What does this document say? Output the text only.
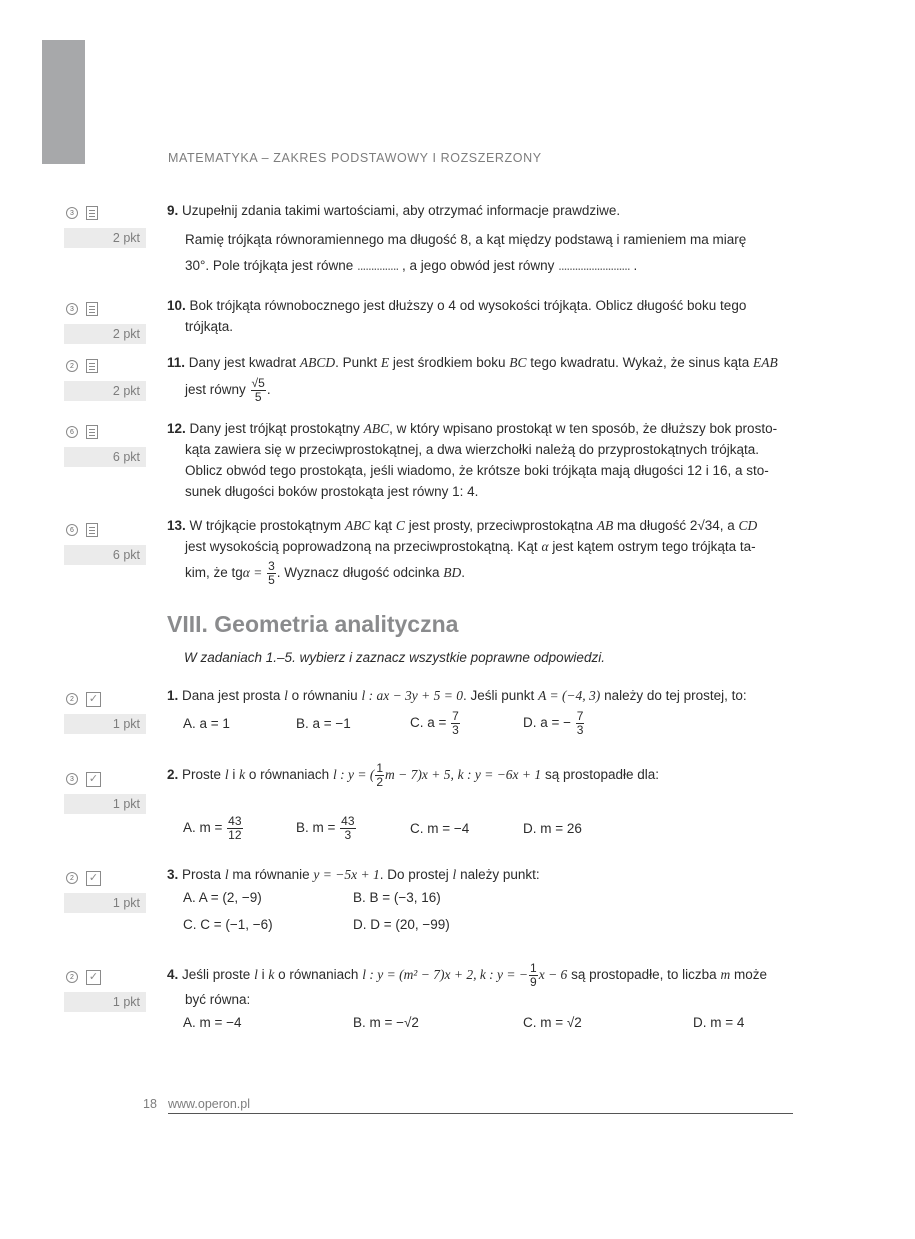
MATEMATYKA – ZAKRES PODSTAWOWY I ROZSZERZONY
3
2 pkt
9. Uzupełnij zdania takimi wartościami, aby otrzymać informacje prawdziwe.
Ramię trójkąta równoramiennego ma długość 8, a kąt między podstawą i ramieniem ma miarę
30°. Pole trójkąta jest równe ............... , a jego obwód jest równy .......................... .
3
2 pkt
10. Bok trójkąta równobocznego jest dłuższy o 4 od wysokości trójkąta. Oblicz długość boku tego
trójkąta.
2
2 pkt
11. Dany jest kwadrat ABCD. Punkt E jest środkiem boku BC tego kwadratu. Wykaż, że sinus kąta EAB
jest równy $\frac{√5}{5}$ .
6
6 pkt
12. Dany jest trójkąt prostokątny ABC, w który wpisano prostokąt w ten sposób, że dłuższy bok prosto-
kąta zawiera się w przeciwprostokątnej, a dwa wierzchołki należą do przyprostokątnych trójkąta.
Oblicz obwód tego prostokąta, jeśli wiadomo, że krótsze boki trójkąta mają długości 12 i 16, a sto-
sunek długości boków prostokąta jest równy 1: 4.
6
6 pkt
13. W trójkącie prostokątnym ABC kąt C jest prosty, przeciwprostokątna AB ma długość 2√34, a CD
jest wysokością poprowadzoną na przeciwprostokątną. Kąt α jest kątem ostrym tego trójkąta ta-
kim, że $tg\alpha = \frac{3}{5}$ . Wyznacz długość odcinka BD.
VIII. Geometria analityczna
W zadaniach 1.–5. wybierz i zaznacz wszystkie poprawne odpowiedzi.
2	✓
1 pkt
1. Dana jest prosta l o równaniu l : ax − 3y + 5 = 0. Jeśli punkt A = (−4, 3) należy do tej prostej, to:
A. a = 1	B. a = −1	C. $a = \frac{7}{3}$	D. a = − $\frac{7}{3}$
3	✓
1 pkt
2. Proste l i k o równaniach l : y = ( $\frac{1}{2}$ m − 7)x + 5, k : y = −6x + 1 są prostopadłe dla:
A. $m = \frac{43}{12}$	B. $m = \frac{43}{3}$	C. m = −4	D. m = 26
2	✓
1 pkt
3. Prosta l ma równanie y = −5x + 1. Do prostej l należy punkt:
A. A = (2, −9)	B. B = (−3, 16)
C. C = (−1, −6)	D. D = (20, −99)
2	✓
1 pkt
4. Jeśli proste l i k o równaniach l : y = (m² − 7)x + 2, k : y = − $\frac{1}{9}$ x − 6 są prostopadłe, to liczba m może
być równa:
A. m = −4	B. m = −√2	C. m = √2	D. m = 4
18 www.operon.pl
